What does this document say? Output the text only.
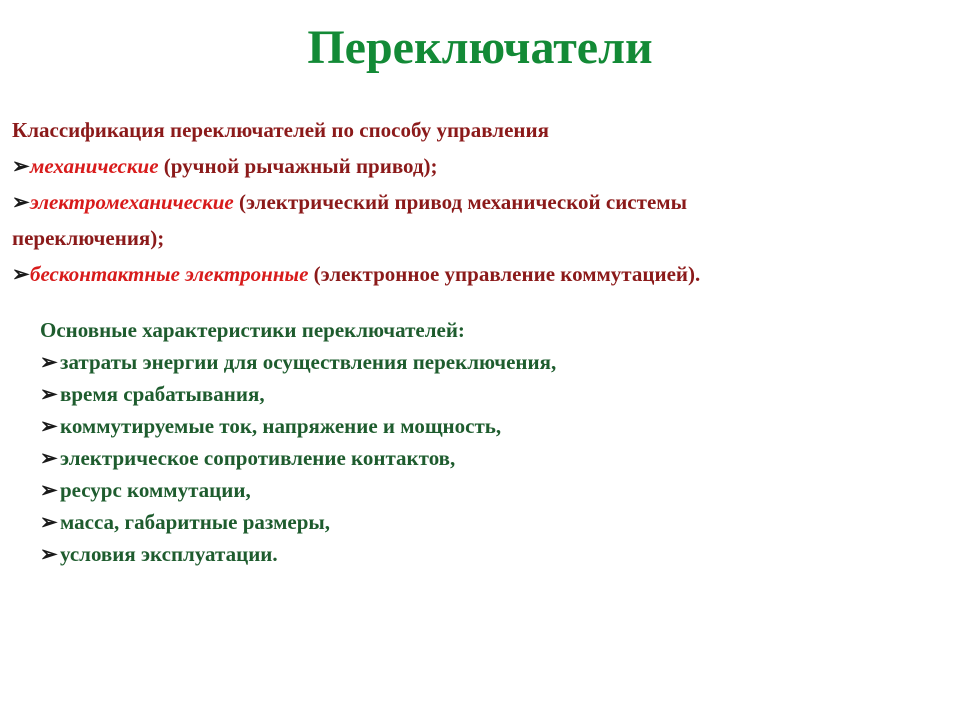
Переключатели
Классификация переключателей по способу управления
➢механические (ручной рычажный привод);
➢электромеханические (электрический привод механической системы
переключения);
➢бесконтактные электронные (электронное управление коммутацией).
Основные характеристики переключателей:
➢ затраты энергии для осуществления переключения,
➢ время срабатывания,
➢ коммутируемые ток, напряжение и мощность,
➢ электрическое сопротивление контактов,
➢ ресурс коммутации,
➢ масса, габаритные размеры,
➢ условия эксплуатации.
